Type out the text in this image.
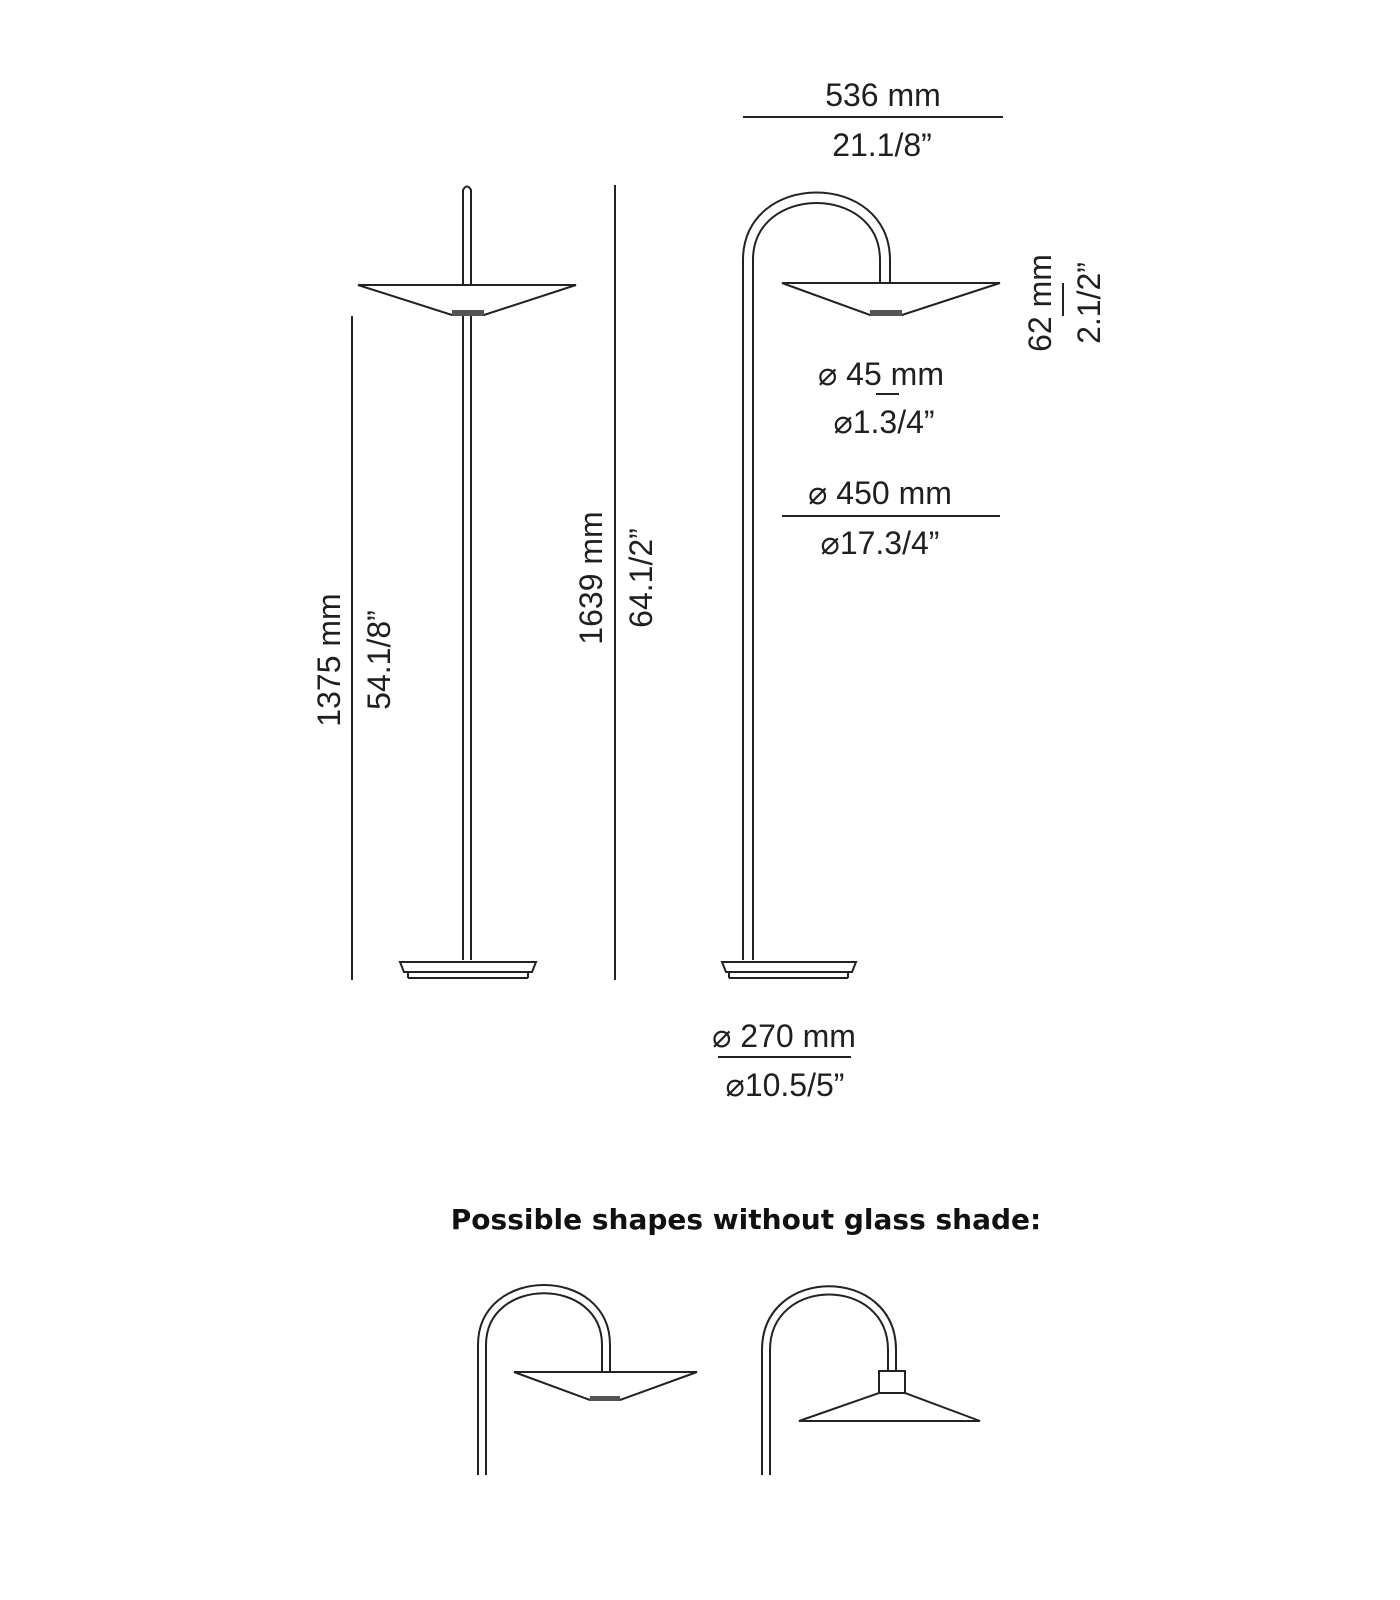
1375 mm 54.1/8”
1639 mm 64.1/2”
536 mm
21.1/8”
62 mm 2.1/2”
⌀ 45 mm
⌀1.3/4”
⌀ 450 mm
⌀17.3/4”
⌀ 270 mm
⌀10.5/5”
Possible shapes without glass shade:
